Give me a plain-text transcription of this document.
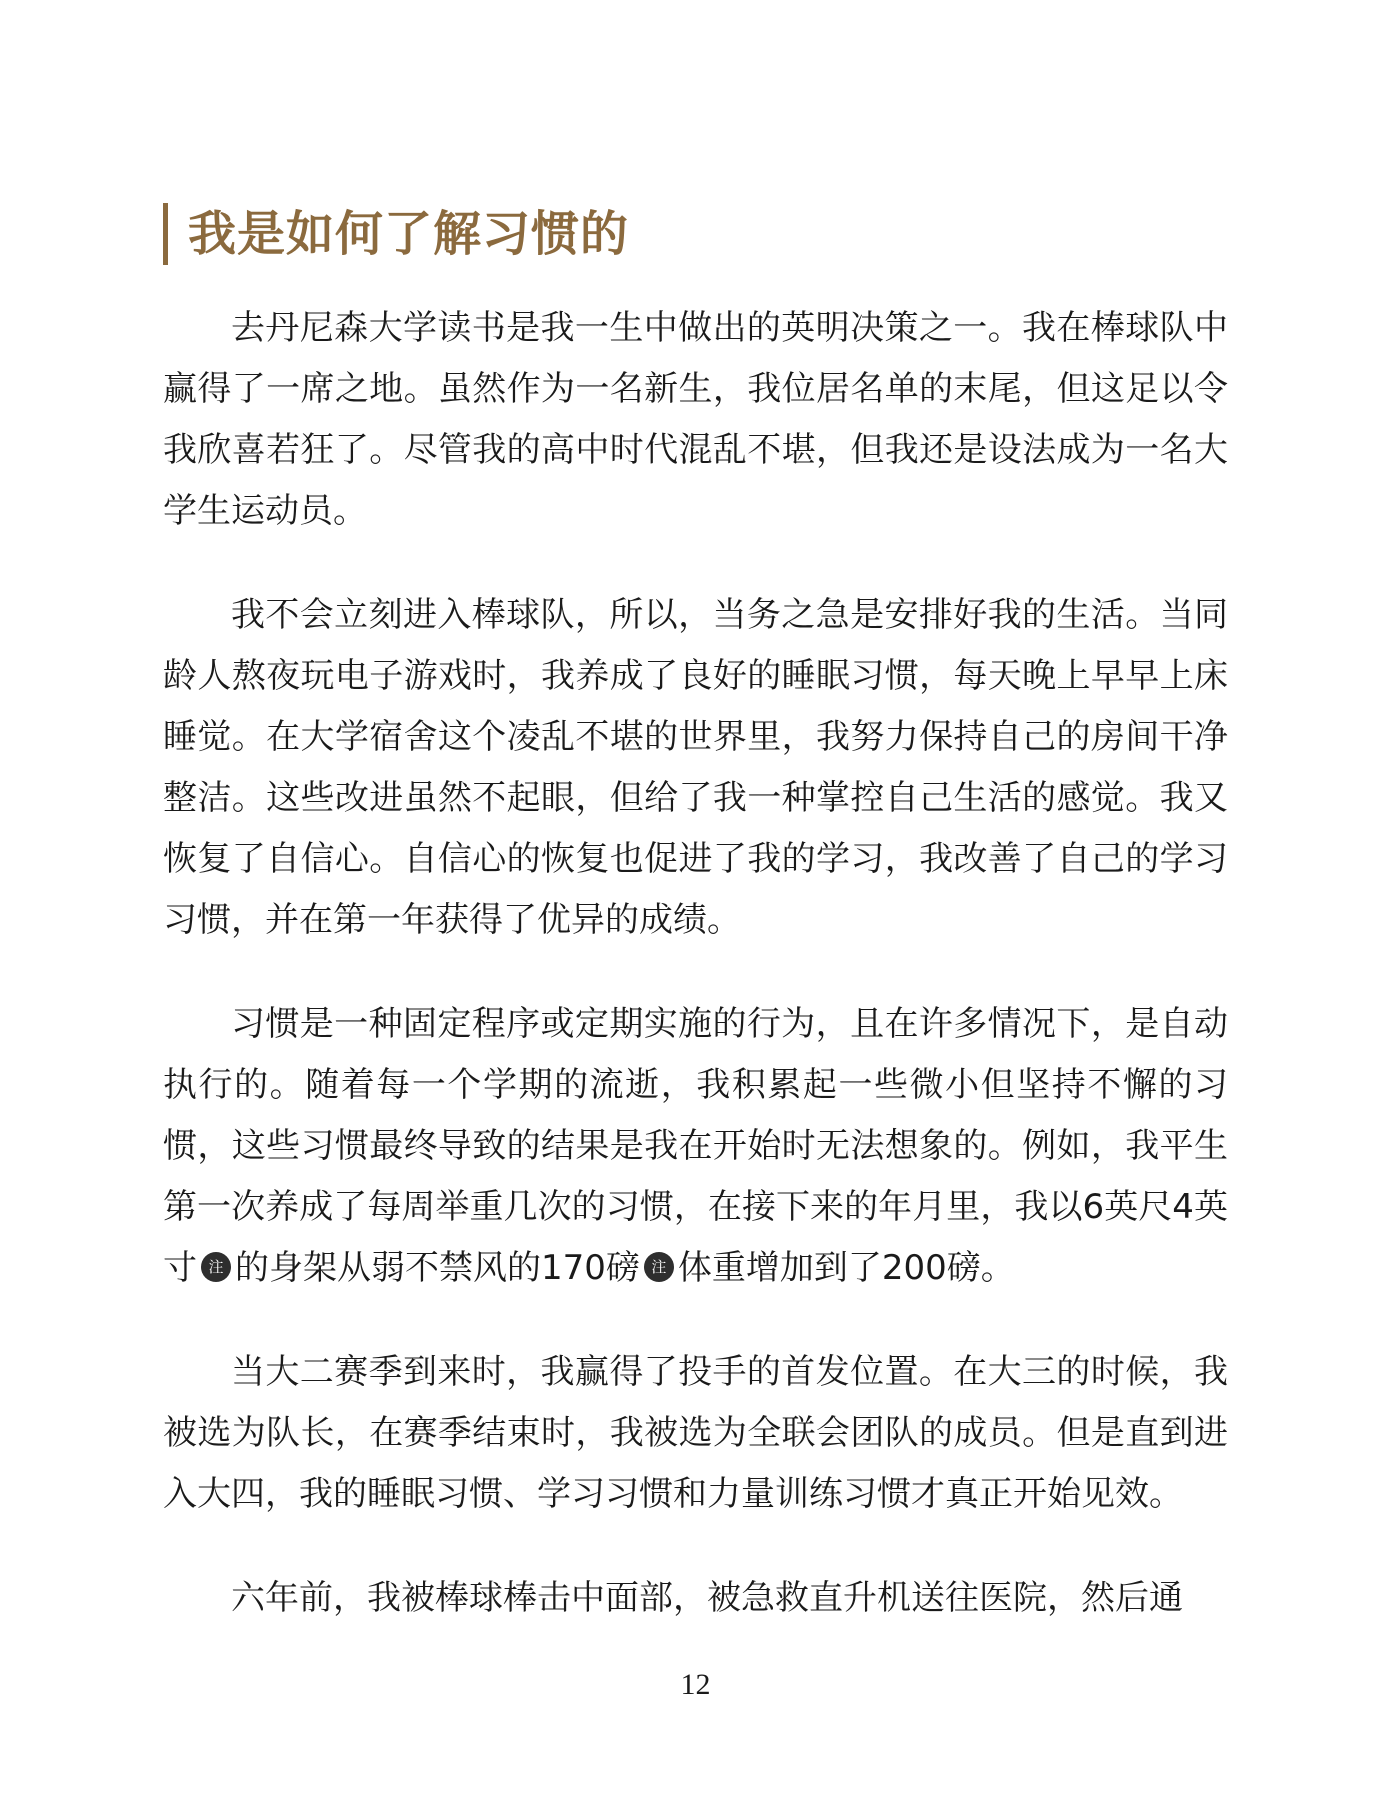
我是如何了解习惯的

去丹尼森大学读书是我一生中做出的英明决策之一。我在棒球队中赢得了一席之地。虽然作为一名新生，我位居名单的末尾，但这足以令我欣喜若狂了。尽管我的高中时代混乱不堪，但我还是设法成为一名大学生运动员。

我不会立刻进入棒球队，所以，当务之急是安排好我的生活。当同龄人熬夜玩电子游戏时，我养成了良好的睡眠习惯，每天晚上早早上床睡觉。在大学宿舍这个凌乱不堪的世界里，我努力保持自己的房间干净整洁。这些改进虽然不起眼，但给了我一种掌控自己生活的感觉。我又恢复了自信心。自信心的恢复也促进了我的学习，我改善了自己的学习习惯，并在第一年获得了优异的成绩。

习惯是一种固定程序或定期实施的行为，且在许多情况下，是自动执行的。随着每一个学期的流逝，我积累起一些微小但坚持不懈的习惯，这些习惯最终导致的结果是我在开始时无法想象的。例如，我平生第一次养成了每周举重几次的习惯，在接下来的年月里，我以6英尺4英寸 注 的身架从弱不禁风的170磅 注 体重增加到了200磅。

当大二赛季到来时，我赢得了投手的首发位置。在大三的时候，我被选为队长，在赛季结束时，我被选为全联会团队的成员。但是直到进入大四，我的睡眠习惯、学习习惯和力量训练习惯才真正开始见效。

六年前，我被棒球棒击中面部，被急救直升机送往医院，然后通

12
